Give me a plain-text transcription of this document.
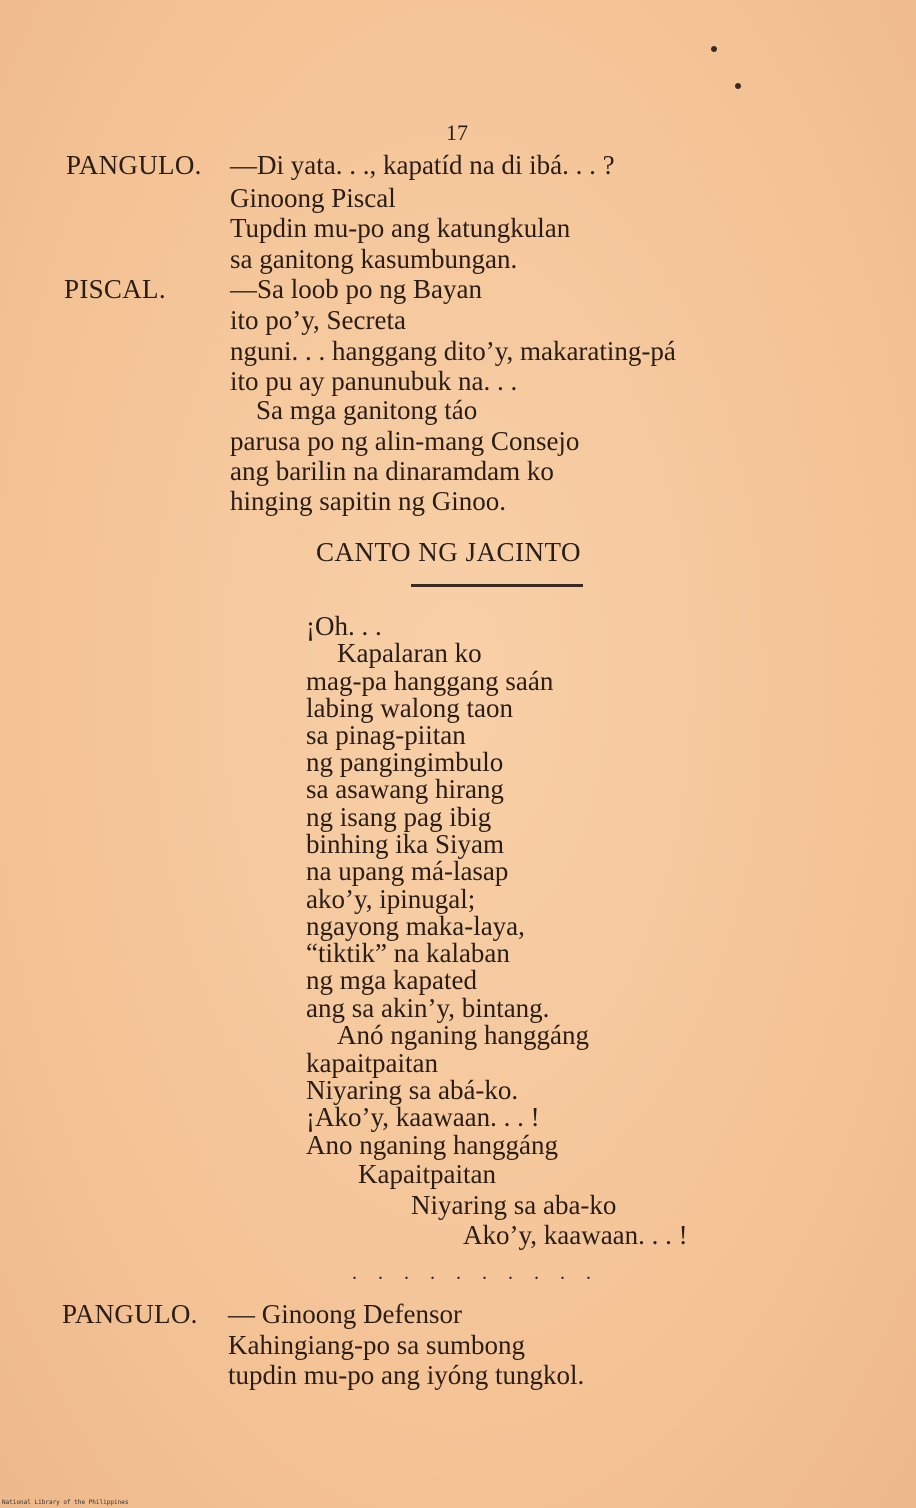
17
PANGULO. —Di yata. . ., kapatíd na di ibá. . . ?
Ginoong Piscal
Tupdin mu-po ang katungkulan
sa ganitong kasumbungan.
PISCAL. —Sa loob po ng Bayan
ito po’y, Secreta
nguni. . . hanggang dito’y, makarating-pá
ito pu ay panunubuk na. . .
Sa mga ganitong táo
parusa po ng alin-mang Consejo
ang barilin na dinaramdam ko
hinging sapitin ng Ginoo.
CANTO NG JACINTO
¡Oh. . .
Kapalaran ko
mag-pa hanggang saán
labing walong taon
sa pinag-piitan
ng pangingimbulo
sa asawang hirang
ng isang pag ibig
binhing ika Siyam
na upang má-lasap
ako’y, ipinugal;
ngayong maka-laya,
“tiktik” na kalaban
ng mga kapated
ang sa akin’y, bintang.
Anó nganing hanggáng
kapaitpaitan
Niyaring sa abá-ko.
¡Ako’y, kaawaan. . . !
Ano nganing hanggáng
Kapaitpaitan
Niyaring sa aba-ko
Ako’y, kaawaan. . . !
. . . . . . . . . .
PANGULO. — Ginoong Defensor
Kahingiang-po sa sumbong
tupdin mu-po ang iyóng tungkol.
National Library of the Philippines
